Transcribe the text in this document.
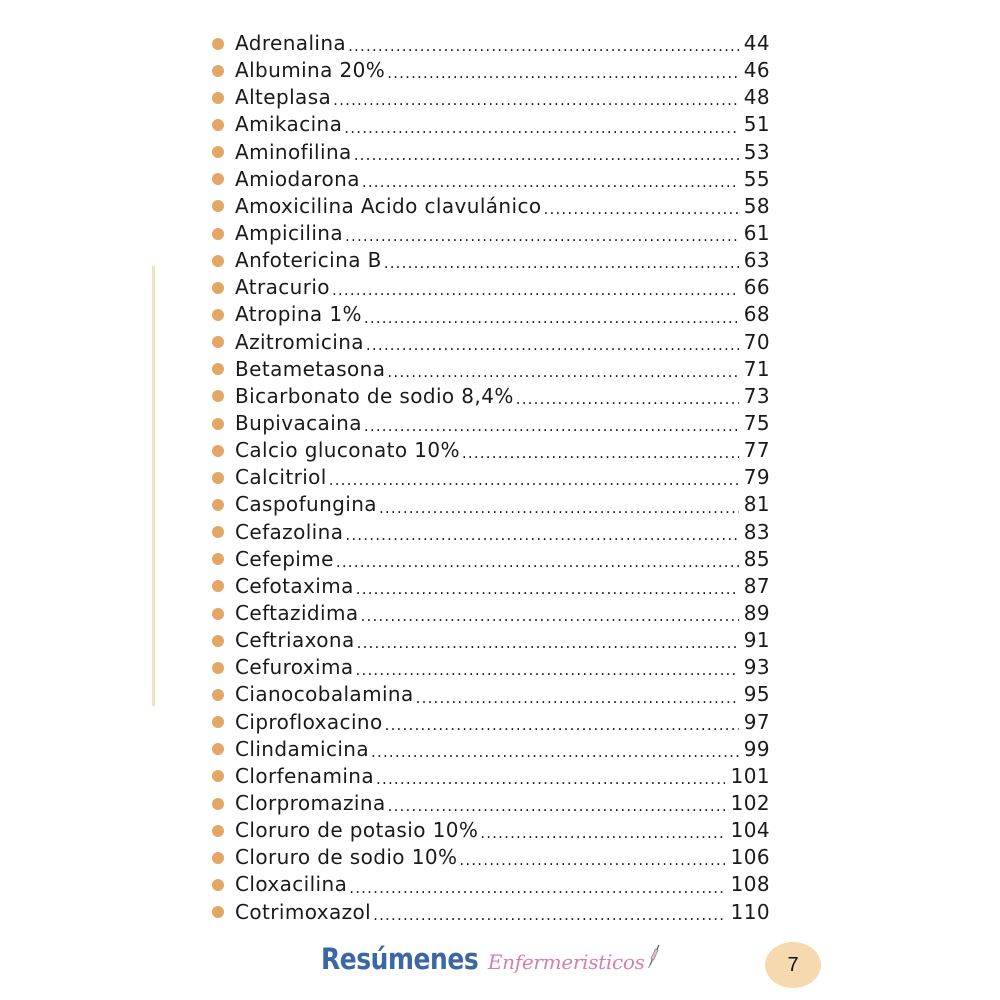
Adrenalina .....	44
Albumina 20% .....	46
Alteplasa .....	48
Amikacina .....	51
Aminofilina .....	53
Amiodarona .....	55
Amoxicilina Acido clavulánico .....	58
Ampicilina .....	61
Anfotericina B .....	63
Atracurio .....	66
Atropina 1% .....	68
Azitromicina .....	70
Betametasona .....	71
Bicarbonato de sodio 8,4% .....	73
Bupivacaina .....	75
Calcio gluconato 10% .....	77
Calcitriol .....	79
Caspofungina .....	81
Cefazolina .....	83
Cefepime .....	85
Cefotaxima .....	87
Ceftazidima .....	89
Ceftriaxona .....	91
Cefuroxima .....	93
Cianocobalamina .....	95
Ciprofloxacino .....	97
Clindamicina .....	99
Clorfenamina .....	101
Clorpromazina .....	102
Cloruro de potasio 10% .....	104
Cloruro de sodio 10% .....	106
Cloxacilina .....	108
Cotrimoxazol .....	110
Resúmenes Enfermeristicos	7
